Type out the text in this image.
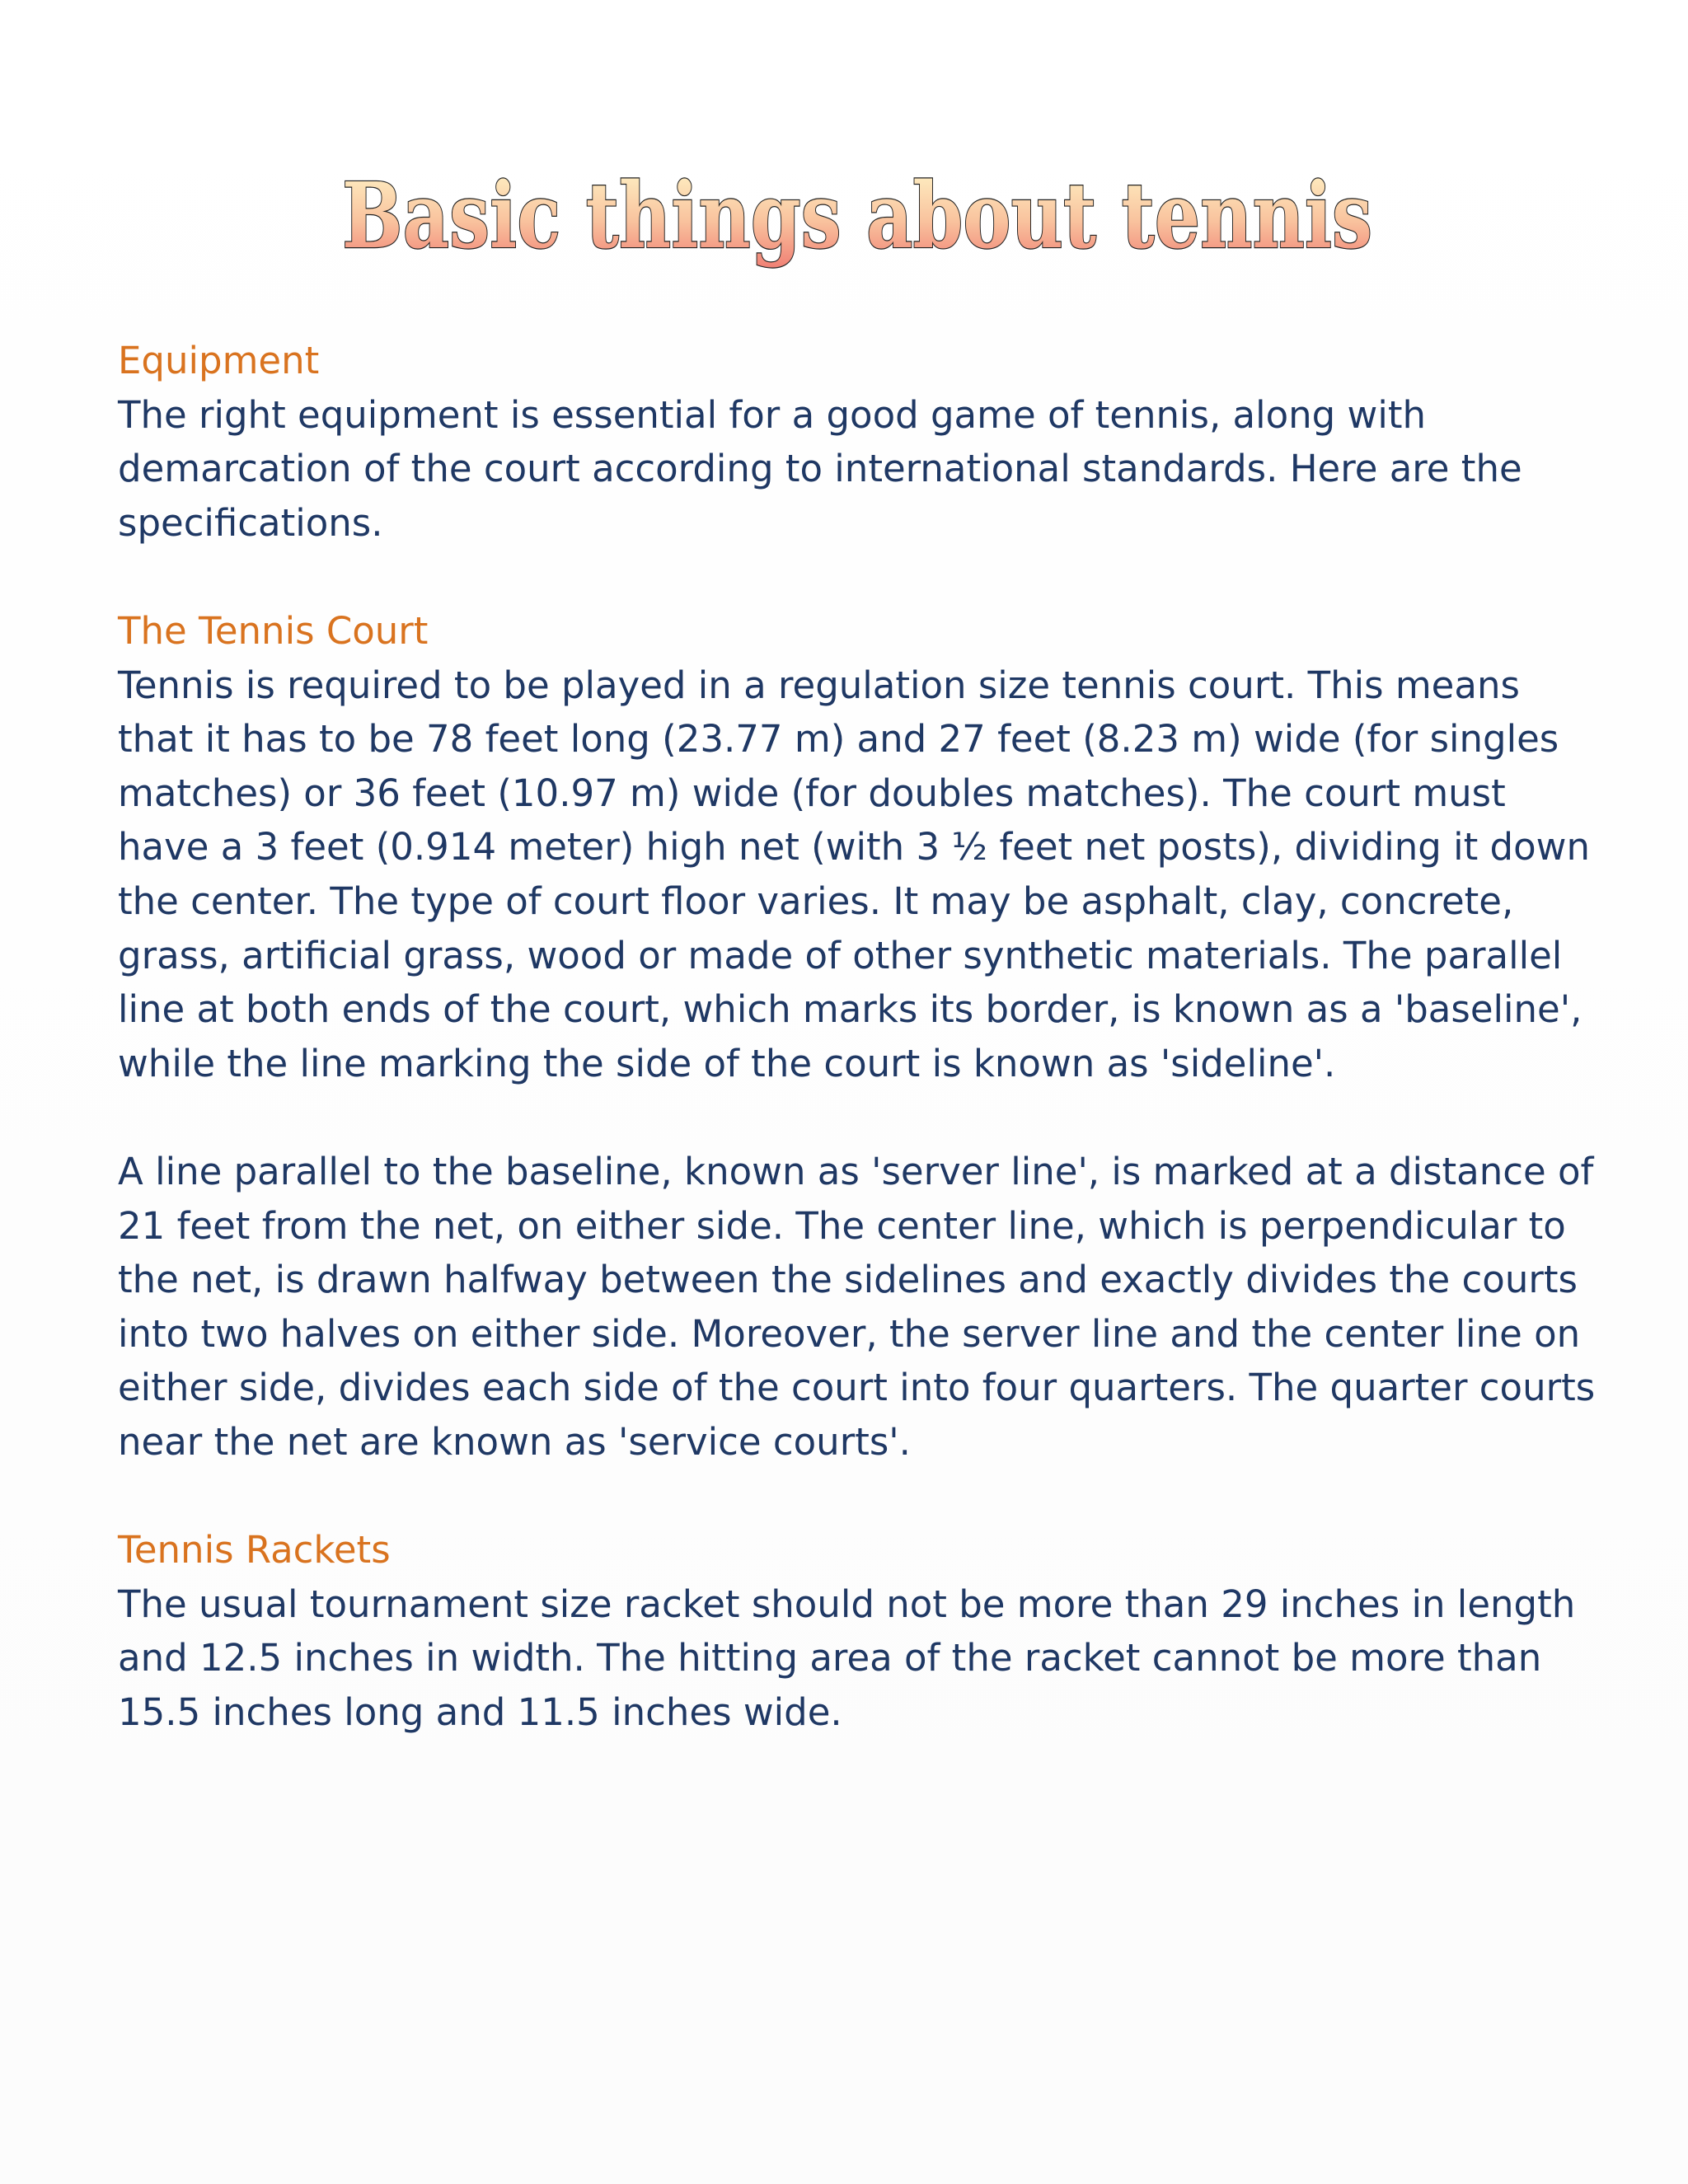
Basic things about tennis

Equipment

The right equipment is essential for a good game of tennis, along with demarcation of the court according to international standards. Here are the specifications.

The Tennis Court

Tennis is required to be played in a regulation size tennis court. This means that it has to be 78 feet long (23.77 m) and 27 feet (8.23 m) wide (for singles matches) or 36 feet (10.97 m) wide (for doubles matches). The court must have a 3 feet (0.914 meter) high net (with 3 ½ feet net posts), dividing it down the center. The type of court floor varies. It may be asphalt, clay, concrete, grass, artificial grass, wood or made of other synthetic materials. The parallel line at both ends of the court, which marks its border, is known as a 'baseline', while the line marking the side of the court is known as 'sideline'.

A line parallel to the baseline, known as 'server line', is marked at a distance of 21 feet from the net, on either side. The center line, which is perpendicular to the net, is drawn halfway between the sidelines and exactly divides the courts into two halves on either side. Moreover, the server line and the center line on either side, divides each side of the court into four quarters. The quarter courts near the net are known as 'service courts'.

Tennis Rackets

The usual tournament size racket should not be more than 29 inches in length and 12.5 inches in width. The hitting area of the racket cannot be more than 15.5 inches long and 11.5 inches wide.
